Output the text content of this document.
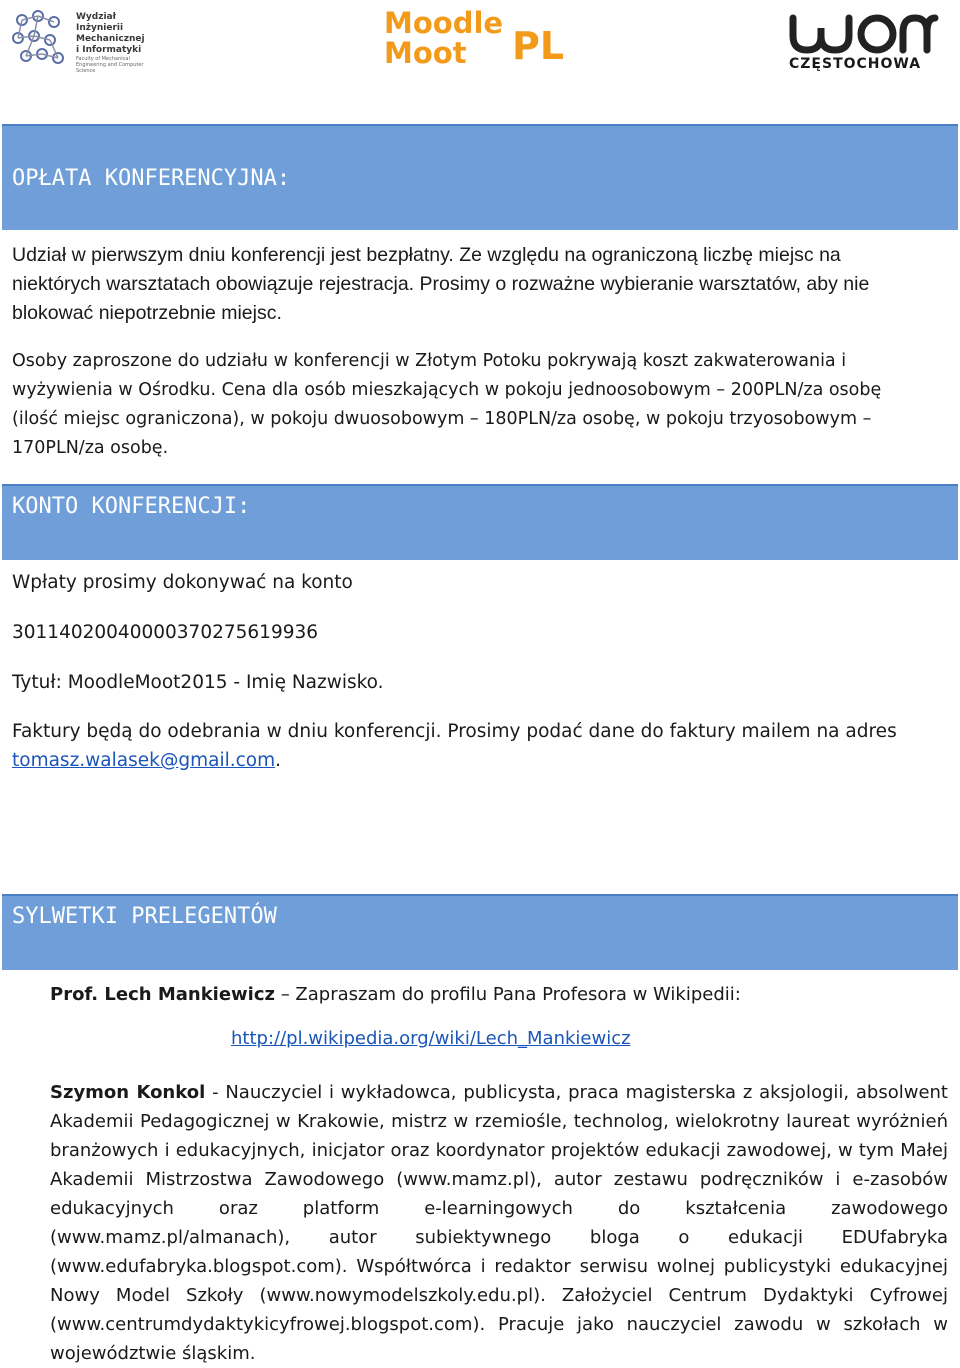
Wydział Inżynierii
Mechanicznej
i Informatyki
Faculty of Mechanical Engineering and Computer Science
Moodle
Moot PL	CZĘSTOCHOWA
OPŁATA KONFERENCYJNA:
Udział w pierwszym dniu konferencji jest bezpłatny. Ze względu na ograniczoną liczbę miejsc na niektórych warsztatach obowiązuje rejestracja. Prosimy o rozważne wybieranie warsztatów, aby nie blokować niepotrzebnie miejsc.
Osoby zaproszone do udziału w konferencji w Złotym Potoku pokrywają koszt zakwaterowania i wyżywienia w Ośrodku. Cena dla osób mieszkających w pokoju jednoosobowym – 200PLN/za osobę (ilość miejsc ograniczona), w pokoju dwuosobowym – 180PLN/za osobę, w pokoju trzyosobowym – 170PLN/za osobę.
KONTO KONFERENCJI:
Wpłaty prosimy dokonywać na konto
30114020040000370275619936
Tytuł: MoodleMoot2015 - Imię Nazwisko.
Faktury będą do odebrania w dniu konferencji. Prosimy podać dane do faktury mailem na adres tomasz.walasek@gmail.com.
SYLWETKI PRELEGENTÓW
Prof. Lech Mankiewicz – Zapraszam do profilu Pana Profesora w Wikipedii:
http://pl.wikipedia.org/wiki/Lech_Mankiewicz
Szymon Konkol - Nauczyciel i wykładowca, publicysta, praca magisterska z aksjologii, absolwent Akademii Pedagogicznej w Krakowie, mistrz w rzemiośle, technolog, wielokrotny laureat wyróżnień branżowych i edukacyjnych, inicjator oraz koordynator projektów edukacji zawodowej, w tym Małej Akademii Mistrzostwa Zawodowego (www.mamz.pl), autor zestawu podręczników i e-zasobów edukacyjnych oraz platform e-learningowych do kształcenia zawodowego (www.mamz.pl/almanach), autor subiektywnego bloga o edukacji EDUfabryka (www.edufabryka.blogspot.com). Współtwórca i redaktor serwisu wolnej publicystyki edukacyjnej Nowy Model Szkoły (www.nowymodelszkoly.edu.pl). Założyciel Centrum Dydaktyki Cyfrowej (www.centrumdydaktykicyfrowej.blogspot.com). Pracuje jako nauczyciel zawodu w szkołach w województwie śląskim.
